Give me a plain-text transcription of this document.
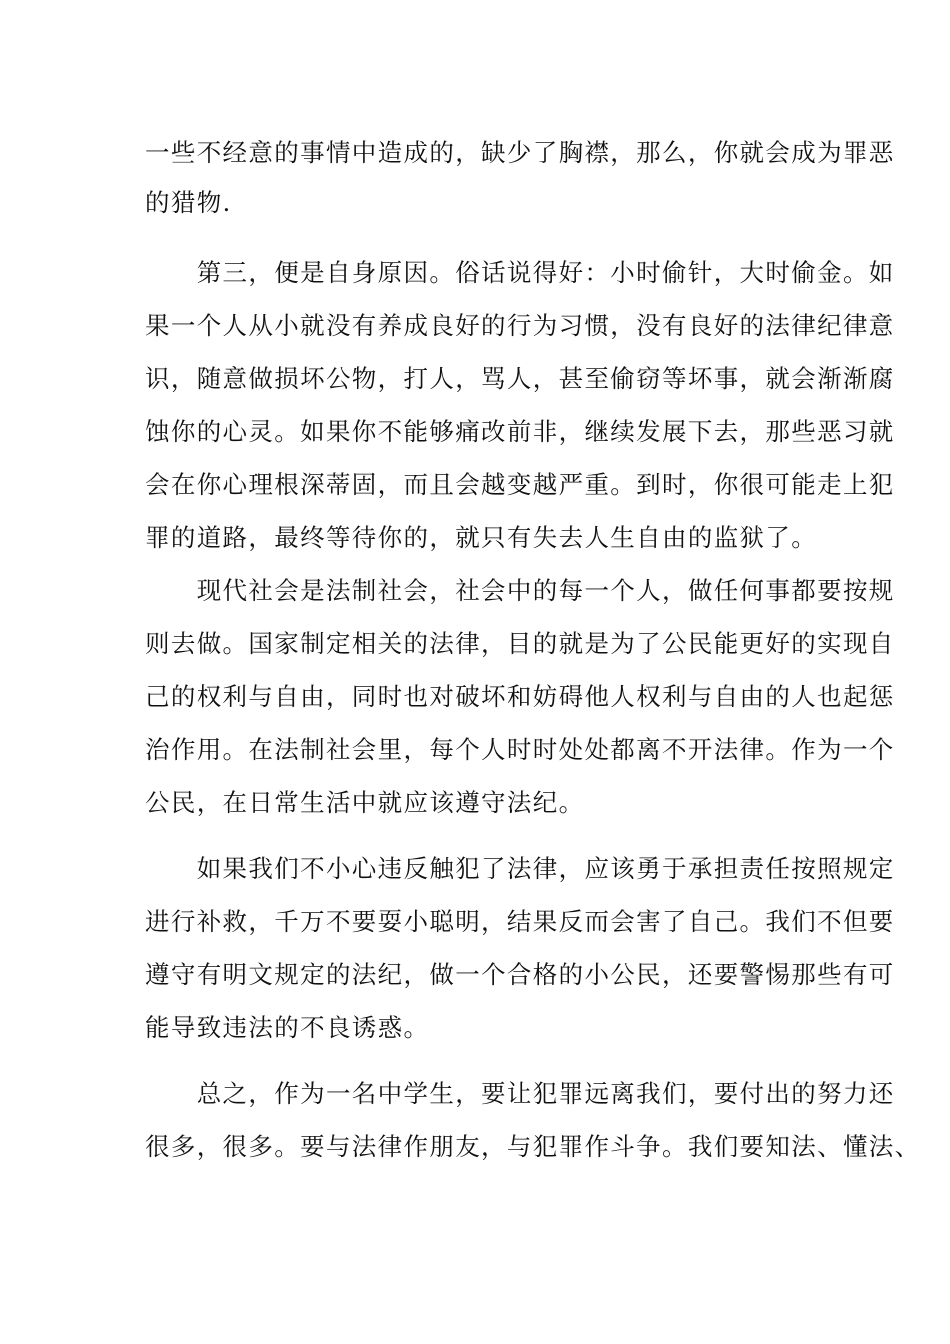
一些不经意的事情中造成的，缺少了胸襟，那么，你就会成为罪恶
的猎物.
　　第三，便是自身原因。俗话说得好：小时偷针，大时偷金。如
果一个人从小就没有养成良好的行为习惯，没有良好的法律纪律意
识，随意做损坏公物，打人，骂人，甚至偷窃等坏事，就会渐渐腐
蚀你的心灵。如果你不能够痛改前非，继续发展下去，那些恶习就
会在你心理根深蒂固，而且会越变越严重。到时，你很可能走上犯
罪的道路，最终等待你的，就只有失去人生自由的监狱了。
　　现代社会是法制社会，社会中的每一个人，做任何事都要按规
则去做。国家制定相关的法律，目的就是为了公民能更好的实现自
己的权利与自由，同时也对破坏和妨碍他人权利与自由的人也起惩
治作用。在法制社会里，每个人时时处处都离不开法律。作为一个
公民，在日常生活中就应该遵守法纪。
　　如果我们不小心违反触犯了法律，应该勇于承担责任按照规定
进行补救，千万不要耍小聪明，结果反而会害了自己。我们不但要
遵守有明文规定的法纪，做一个合格的小公民，还要警惕那些有可
能导致违法的不良诱惑。
　　总之，作为一名中学生，要让犯罪远离我们，要付出的努力还
很多，很多。要与法律作朋友，与犯罪作斗争。我们要知法、懂法、
